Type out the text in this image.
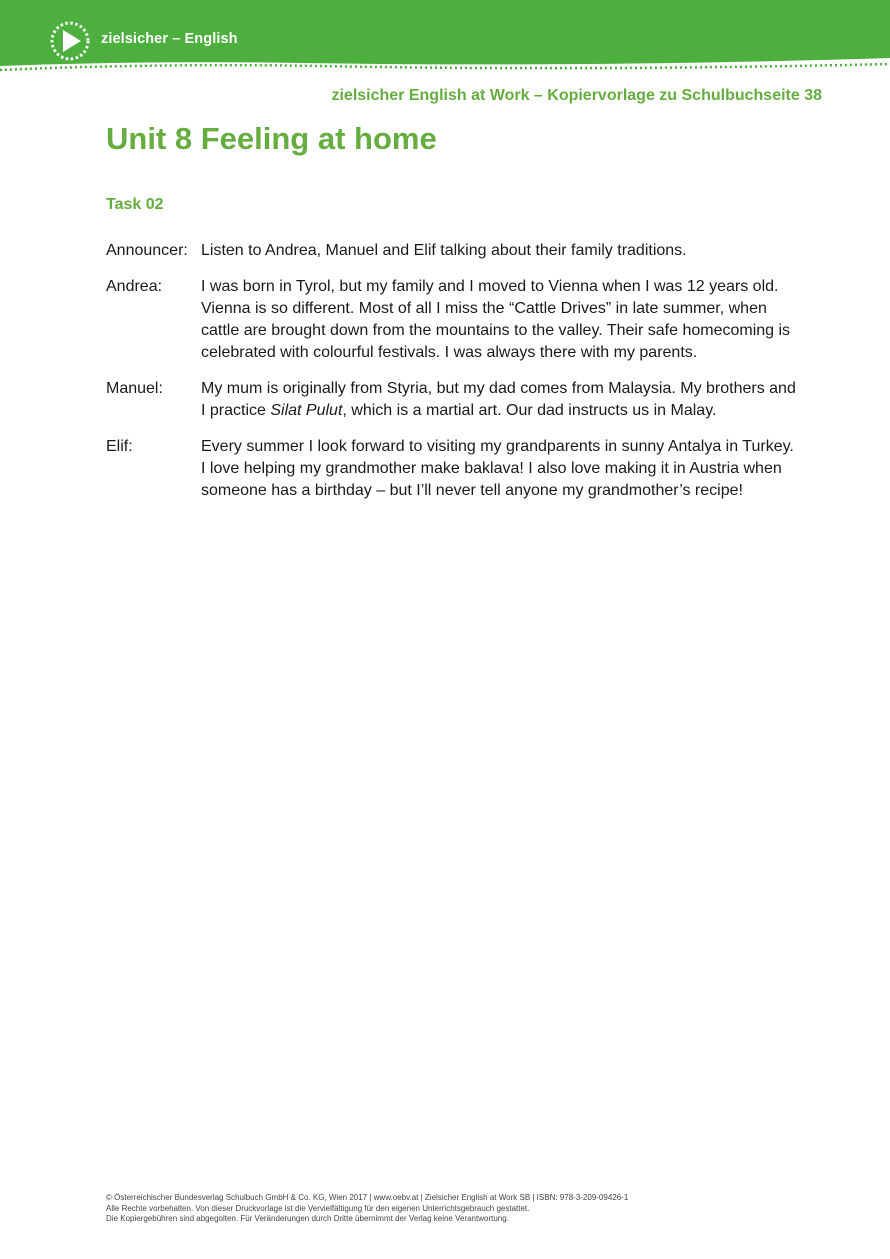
zielsicher – English
zielsicher English at Work – Kopiervorlage zu Schulbuchseite 38
Unit 8 Feeling at home
Task 02
Announcer: Listen to Andrea, Manuel and Elif talking about their family traditions.
Andrea:	I was born in Tyrol, but my family and I moved to Vienna when I was 12 years old. Vienna is so different. Most of all I miss the “Cattle Drives” in late summer, when cattle are brought down from the mountains to the valley. Their safe homecoming is celebrated with colourful festivals. I was always there with my parents.
Manuel:	My mum is originally from Styria, but my dad comes from Malaysia. My brothers and I practice Silat Pulut, which is a martial art. Our dad instructs us in Malay.
Elif:	Every summer I look forward to visiting my grandparents in sunny Antalya in Turkey. I love helping my grandmother make baklava! I also love making it in Austria when someone has a birthday – but I’ll never tell anyone my grandmother’s recipe!
© Österreichischer Bundesverlag Schulbuch GmbH & Co. KG, Wien 2017 | www.oebv.at | Zielsicher English at Work SB | ISBN: 978-3-209-09426-1
Alle Rechte vorbehalten. Von dieser Druckvorlage ist die Vervielfältigung für den eigenen Unterrichtsgebrauch gestattet.
Die Kopiergebühren sind abgegolten. Für Veränderungen durch Dritte übernimmt der Verlag keine Verantwortung.
